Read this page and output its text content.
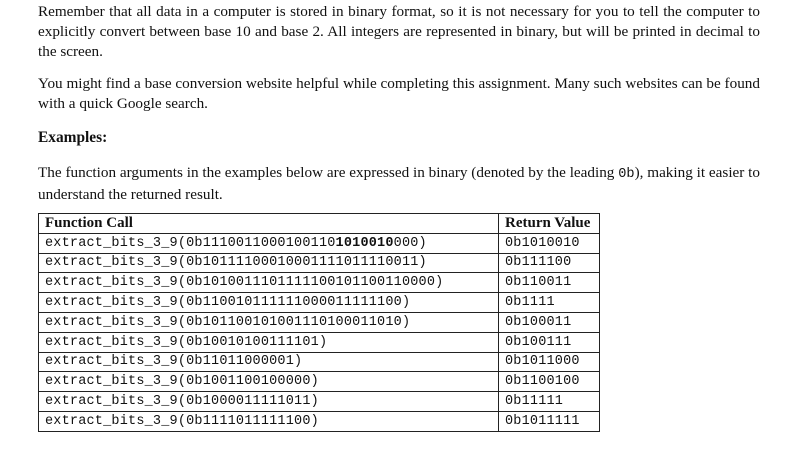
Remember that all data in a computer is stored in binary format, so it is not necessary for you to tell the computer to explicitly convert between base 10 and base 2. All integers are represented in binary, but will be printed in decimal to the screen.

You might find a base conversion website helpful while completing this assignment. Many such websites can be found with a quick Google search.

Examples:

The function arguments in the examples below are expressed in binary (denoted by the leading 0b), making it easier to understand the returned result.

Function Call	Return Value
extract_bits_3_9(0b11100110001001101010010000)	0b1010010
extract_bits_3_9(0b10111100010001111011110011)	0b111100
extract_bits_3_9(0b1010011101111100101100110000)	0b110011
extract_bits_3_9(0b110010111111000011111100)	0b1111
extract_bits_3_9(0b101100101001110100011010)	0b100011
extract_bits_3_9(0b10010100111101)	0b100111
extract_bits_3_9(0b11011000001)	0b1011000
extract_bits_3_9(0b1001100100000)	0b1100100
extract_bits_3_9(0b1000011111011)	0b11111
extract_bits_3_9(0b1111011111100)	0b1011111
